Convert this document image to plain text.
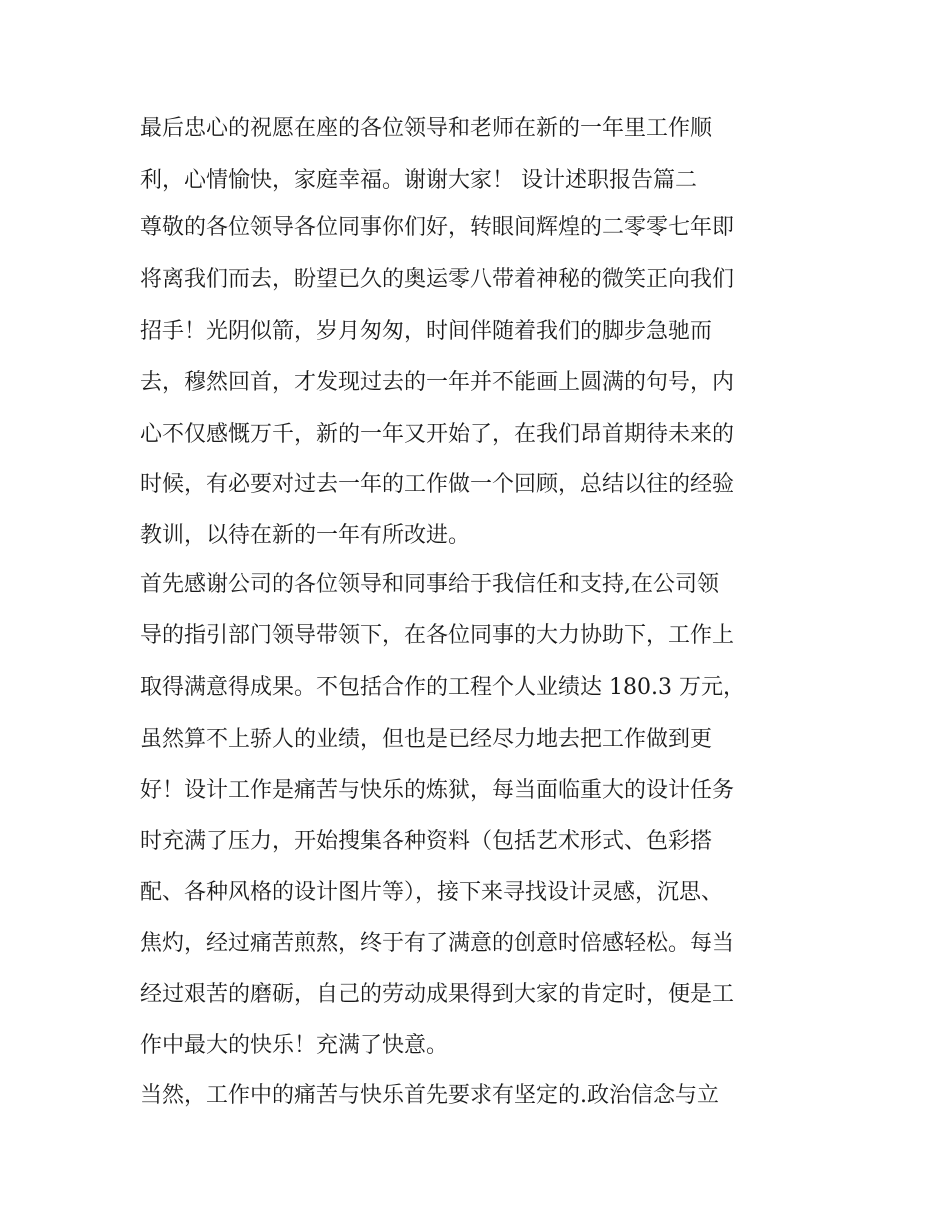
最后忠心的祝愿在座的各位领导和老师在新的一年里工作顺

利，心情愉快，家庭幸福。谢谢大家！ 设计述职报告篇二

尊敬的各位领导各位同事你们好，转眼间辉煌的二零零七年即

将离我们而去，盼望已久的奥运零八带着神秘的微笑正向我们

招手！光阴似箭，岁月匆匆，时间伴随着我们的脚步急驰而

去，穆然回首，才发现过去的一年并不能画上圆满的句号，内

心不仅感慨万千，新的一年又开始了，在我们昂首期待未来的

时候，有必要对过去一年的工作做一个回顾，总结以往的经验

教训，以待在新的一年有所改进。

首先感谢公司的各位领导和同事给于我信任和支持,在公司领

导的指引部门领导带领下，在各位同事的大力协助下，工作上

取得满意得成果。不包括合作的工程个人业绩达 180.3 万元，

虽然算不上骄人的业绩，但也是已经尽力地去把工作做到更

好！设计工作是痛苦与快乐的炼狱，每当面临重大的设计任务

时充满了压力，开始搜集各种资料（包括艺术形式、色彩搭

配、各种风格的设计图片等），接下来寻找设计灵感，沉思、

焦灼，经过痛苦煎熬，终于有了满意的创意时倍感轻松。每当

经过艰苦的磨砺，自己的劳动成果得到大家的肯定时，便是工

作中最大的快乐！充满了快意。

当然，工作中的痛苦与快乐首先要求有坚定的.政治信念与立
